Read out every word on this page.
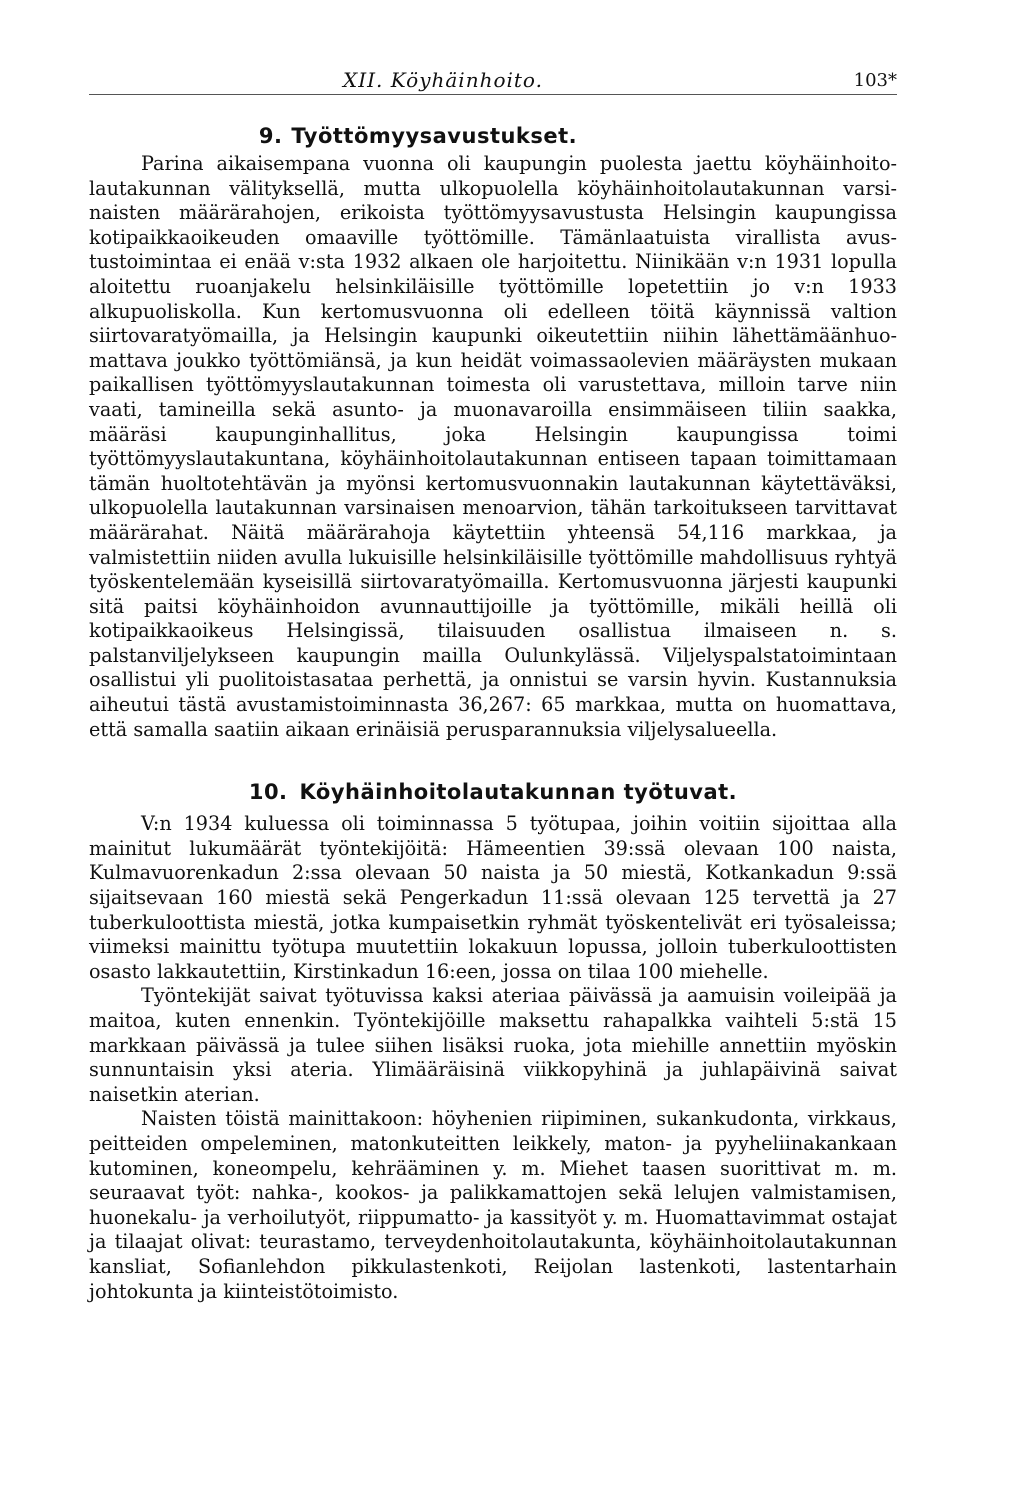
XII. Köyhäinhoito.	103*
9. Työttömyysavustukset.

Parina aikaisempana vuonna oli kaupungin puolesta jaettu köyhäinhoitolautakunnan välityksellä, mutta ulkopuolella köyhäinhoitolautakunnan varsinaisten määrärahojen, erikoista työttömyysavustusta Helsingin kaupungissa kotipaikkaoikeuden omaaville työttömille. Tämänlaatuista virallista avustustoimintaa ei enää v:sta 1932 alkaen ole harjoitettu. Niinikään v:n 1931 lopulla aloitettu ruoanjakelu helsinkiläisille työttömille lopetettiin jo v:n 1933 alkupuoliskolla. Kun kertomusvuonna oli edelleen töitä käynnissä valtion siirtovaratyömailla, ja Helsingin kaupunki oikeutettiin niihin lähettämäänhuomattava joukko työttömiänsä, ja kun heidät voimassaolevien määräysten mukaan paikallisen työttömyyslautakunnan toimesta oli varustettava, milloin tarve niin vaati, tamineilla sekä asunto- ja muonavaroilla ensimmäiseen tiliin saakka, määräsi kaupunginhallitus, joka Helsingin kaupungissa toimi työttömyyslautakuntana, köyhäinhoitolautakunnan entiseen tapaan toimittamaan tämän huoltotehtävän ja myönsi kertomusvuonnakin lautakunnan käytettäväksi, ulkopuolella lautakunnan varsinaisen menoarvion, tähän tarkoitukseen tarvittavat määrärahat. Näitä määrärahoja käytettiin yhteensä 54,116 markkaa, ja valmistettiin niiden avulla lukuisille helsinkiläisille työttömille mahdollisuus ryhtyä työskentelemään kyseisillä siirtovaratyömailla. Kertomusvuonna järjesti kaupunki sitä paitsi köyhäinhoidon avunnauttijoille ja työttömille, mikäli heillä oli kotipaikkaoikeus Helsingissä, tilaisuuden osallistua ilmaiseen n. s. palstanviljelykseen kaupungin mailla Oulunkylässä. Viljelyspalstatoimintaan osallistui yli puolitoistasataa perhettä, ja onnistui se varsin hyvin. Kustannuksia aiheutui tästä avustamistoiminnasta 36,267: 65 markkaa, mutta on huomattava, että samalla saatiin aikaan erinäisiä perusparannuksia viljelysalueella.

10. Köyhäinhoitolautakunnan työtuvat.

V:n 1934 kuluessa oli toiminnassa 5 työtupaa, joihin voitiin sijoittaa alla mainitut lukumäärät työntekijöitä: Hämeentien 39:ssä olevaan 100 naista, Kulmavuorenkadun 2:ssa olevaan 50 naista ja 50 miestä, Kotkankadun 9:ssä sijaitsevaan 160 miestä sekä Pengerkadun 11:ssä olevaan 125 tervettä ja 27 tuberkuloottista miestä, jotka kumpaisetkin ryhmät työskentelivät eri työsaleissa; viimeksi mainittu työtupa muutettiin lokakuun lopussa, jolloin tuberkuloottisten osasto lakkautettiin, Kirstinkadun 16:een, jossa on tilaa 100 miehelle.

Työntekijät saivat työtuvissa kaksi ateriaa päivässä ja aamuisin voileipää ja maitoa, kuten ennenkin. Työntekijöille maksettu rahapalkka vaihteli 5:stä 15 markkaan päivässä ja tulee siihen lisäksi ruoka, jota miehille annettiin myöskin sunnuntaisin yksi ateria. Ylimääräisinä viikkopyhinä ja juhlapäivinä saivat naisetkin aterian.

Naisten töistä mainittakoon: höyhenien riipiminen, sukankudonta, virkkaus, peitteiden ompeleminen, matonkuteitten leikkely, maton- ja pyyheliinakankaan kutominen, koneompelu, kehrääminen y. m. Miehet taasen suorittivat m. m. seuraavat työt: nahka-, kookos- ja palikkamattojen sekä lelujen valmistamisen, huonekalu- ja verhoilutyöt, riippumatto- ja kassityöt y. m. Huomattavimmat ostajat ja tilaajat olivat: teurastamo, terveydenhoitolautakunta, köyhäinhoitolautakunnan kansliat, Sofianlehdon pikkulastenkoti, Reijolan lastenkoti, lastentarhain johtokunta ja kiinteistötoimisto.
